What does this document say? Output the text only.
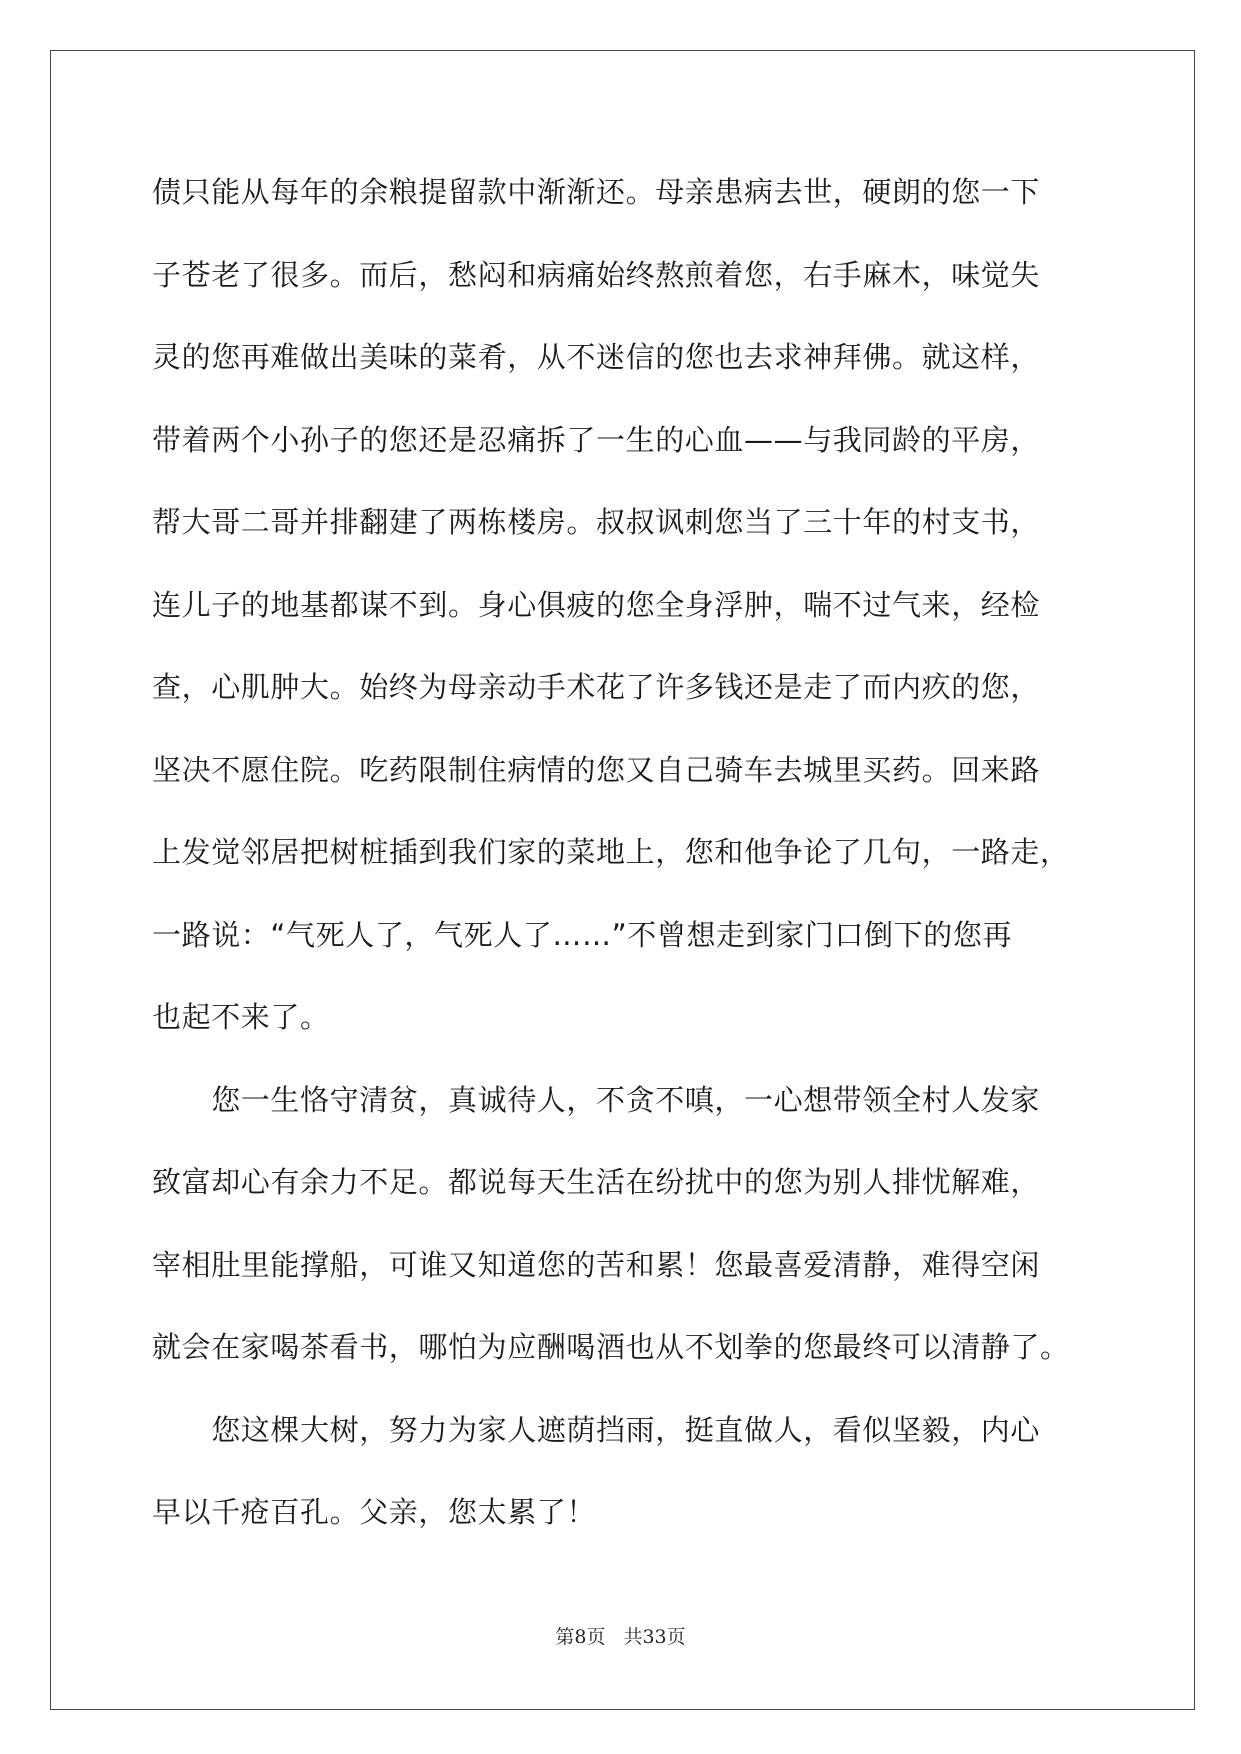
债只能从每年的余粮提留款中渐渐还。母亲患病去世，硬朗的您一下
子苍老了很多。而后，愁闷和病痛始终熬煎着您，右手麻木，味觉失
灵的您再难做出美味的菜肴，从不迷信的您也去求神拜佛。就这样，
带着两个小孙子的您还是忍痛拆了一生的心血——与我同龄的平房，
帮大哥二哥并排翻建了两栋楼房。叔叔讽刺您当了三十年的村支书，
连儿子的地基都谋不到。身心俱疲的您全身浮肿，喘不过气来，经检
查，心肌肿大。始终为母亲动手术花了许多钱还是走了而内疚的您，
坚决不愿住院。吃药限制住病情的您又自己骑车去城里买药。回来路
上发觉邻居把树桩插到我们家的菜地上，您和他争论了几句，一路走，
一路说：“气死人了，气死人了……”不曾想走到家门口倒下的您再
也起不来了。
　　您一生恪守清贫，真诚待人，不贪不嗔，一心想带领全村人发家
致富却心有余力不足。都说每天生活在纷扰中的您为别人排忧解难，
宰相肚里能撑船，可谁又知道您的苦和累！您最喜爱清静，难得空闲
就会在家喝茶看书，哪怕为应酬喝酒也从不划拳的您最终可以清静了。
　　您这棵大树，努力为家人遮荫挡雨，挺直做人，看似坚毅，内心
早以千疮百孔。父亲，您太累了！
第8页 共33页
